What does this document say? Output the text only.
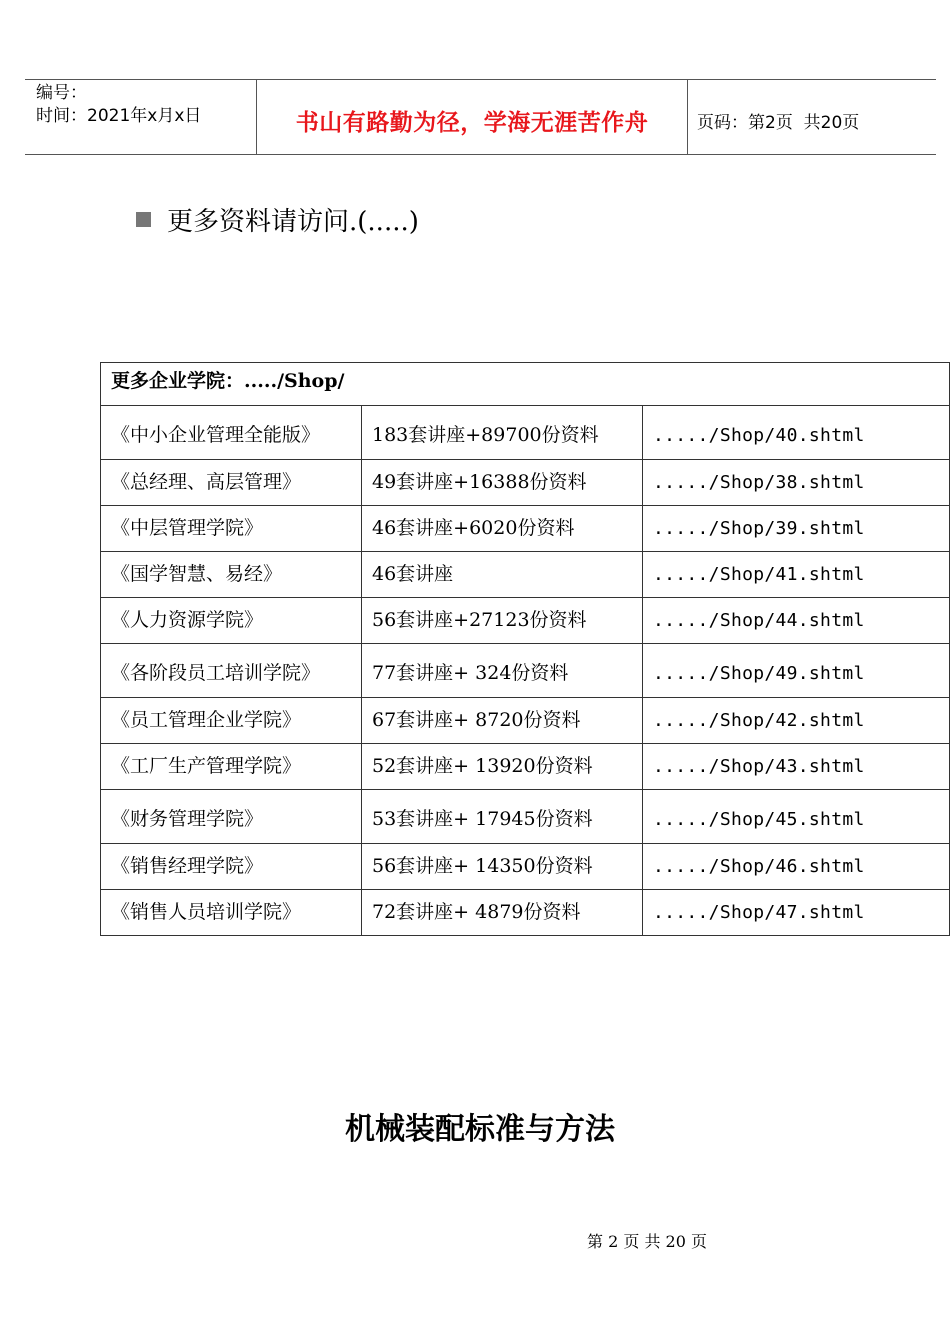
编号：
时间：2021年x月x日	书山有路勤为径，学海无涯苦作舟	页码：第2页  共20页
更多资料请访问.(.....)
更多企业学院：...../Shop/		
《中小企业管理全能版》	183套讲座+89700份资料	...../Shop/40.shtml
《总经理、高层管理》	49套讲座+16388份资料	...../Shop/38.shtml
《中层管理学院》	46套讲座+6020份资料	...../Shop/39.shtml
《国学智慧、易经》	46套讲座	...../Shop/41.shtml
《人力资源学院》	56套讲座+27123份资料	...../Shop/44.shtml
《各阶段员工培训学院》	77套讲座+ 324份资料	...../Shop/49.shtml
《员工管理企业学院》	67套讲座+ 8720份资料	...../Shop/42.shtml
《工厂生产管理学院》	52套讲座+ 13920份资料	...../Shop/43.shtml
《财务管理学院》	53套讲座+ 17945份资料	...../Shop/45.shtml
《销售经理学院》	56套讲座+ 14350份资料	...../Shop/46.shtml
《销售人员培训学院》	72套讲座+ 4879份资料	...../Shop/47.shtml
机械装配标准与方法
第 2 页 共 20 页
